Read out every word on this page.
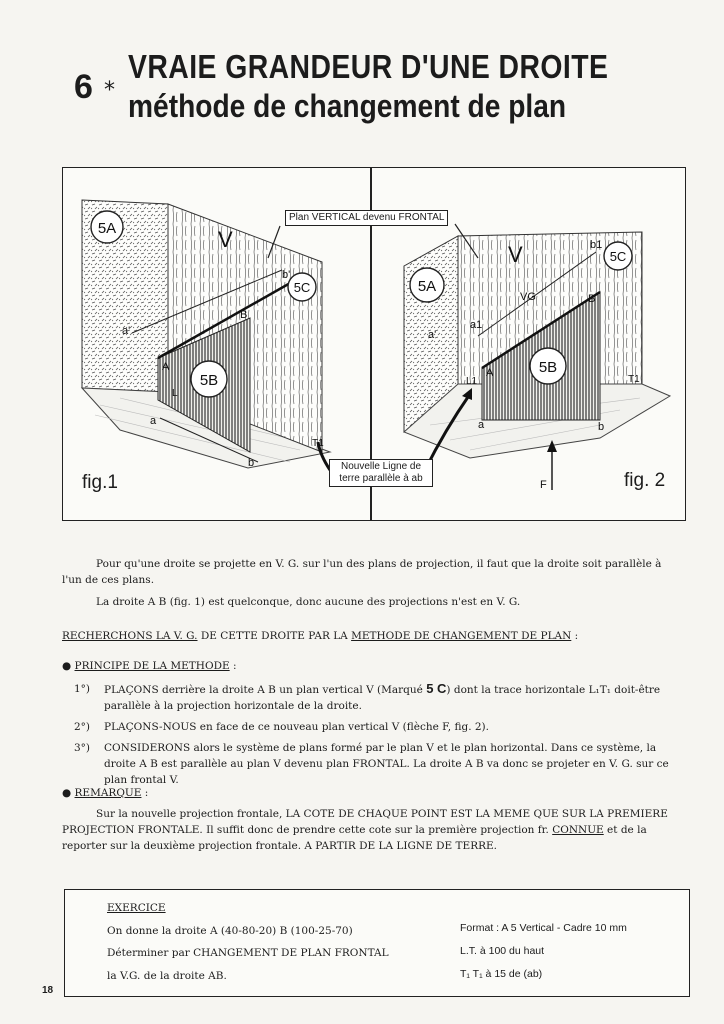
6 *
VRAIE GRANDEUR D'UNE DROITE
méthode de changement de plan
5A
5B
5C
V
a'
A
B
b'
a
b
T1
L
5A
5B
5C
V
VG
a'
a1
b1
A
B
a	b
L1	T1
F
Plan VERTICAL devenu FRONTAL
Nouvelle Ligne de
terre parallèle à ab
fig.1	fig. 2
Pour qu'une droite se projette en V. G. sur l'un des plans de projection, il faut que la droite soit parallèle à l'un de ces plans.
La droite A B (fig. 1) est quelconque, donc aucune des projections n'est en V. G.
RECHERCHONS LA V. G. DE CETTE DROITE PAR LA METHODE DE CHANGEMENT DE PLAN :
● PRINCIPE DE LA METHODE :
1°) PLAÇONS derrière la droite A B un plan vertical V (Marqué 5 C) dont la trace horizontale L₁T₁ doit-être parallèle à la projection horizontale de la droite.
2°) PLAÇONS-NOUS en face de ce nouveau plan vertical V (flèche F, fig. 2).
3°) CONSIDERONS alors le système de plans formé par le plan V et le plan horizontal. Dans ce système, la droite A B est parallèle au plan V devenu plan FRONTAL. La droite A B va donc se projeter en V. G. sur ce plan frontal V.
● REMARQUE :
Sur la nouvelle projection frontale, LA COTE DE CHAQUE POINT EST LA MEME QUE SUR LA PREMIERE PROJECTION FRONTALE. Il suffit donc de prendre cette cote sur la première projection fr. CONNUE et de la reporter sur la deuxième projection frontale. A PARTIR DE LA LIGNE DE TERRE.
EXERCICE
On donne la droite A (40-80-20) B (100-25-70)
Déterminer par CHANGEMENT DE PLAN FRONTAL
la V.G. de la droite AB.
Format : A 5 Vertical - Cadre 10 mm
L.T. à 100 du haut
T₁ T₁ à 15 de (ab)
18
